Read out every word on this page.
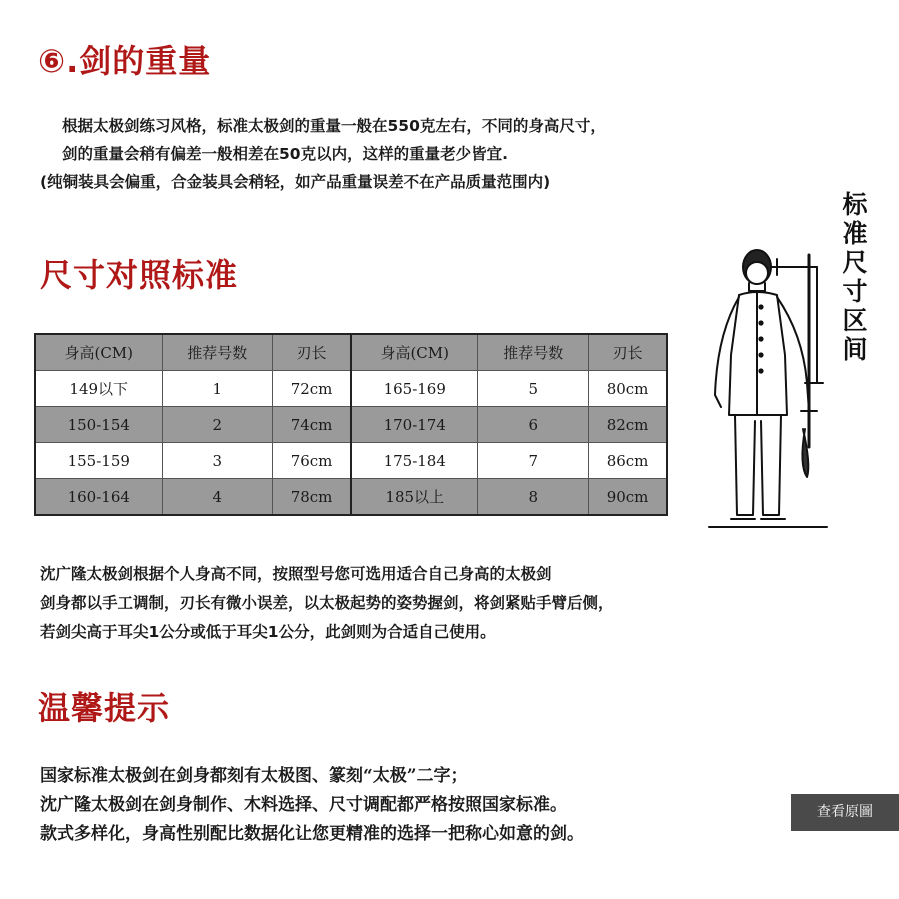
⑥.剑的重量
根据太极剑练习风格，标准太极剑的重量一般在550克左右，不同的身高尺寸，
剑的重量会稍有偏差一般相差在50克以内，这样的重量老少皆宜.
(纯铜装具会偏重，合金装具会稍轻，如产品重量误差不在产品质量范围内)
尺寸对照标准
身高(CM)	推荐号数	刃长	身高(CM)	推荐号数	刃长
149以下	1	72cm	165-169	5	80cm
150-154	2	74cm	170-174	6	82cm
155-159	3	76cm	175-184	7	86cm
160-164	4	78cm	185以上	8	90cm
标
准
尺
寸
区
间
沈广隆太极剑根据个人身高不同，按照型号您可选用适合自己身高的太极剑
剑身都以手工调制，刃长有微小误差，以太极起势的姿势握剑，将剑紧贴手臂后侧，
若剑尖高于耳尖1公分或低于耳尖1公分，此剑则为合适自己使用。
温馨提示
国家标准太极剑在剑身都刻有太极图、篆刻“太极”二字；
沈广隆太极剑在剑身制作、木料选择、尺寸调配都严格按照国家标准。
款式多样化，身高性别配比数据化让您更精准的选择一把称心如意的剑。
查看原圖
